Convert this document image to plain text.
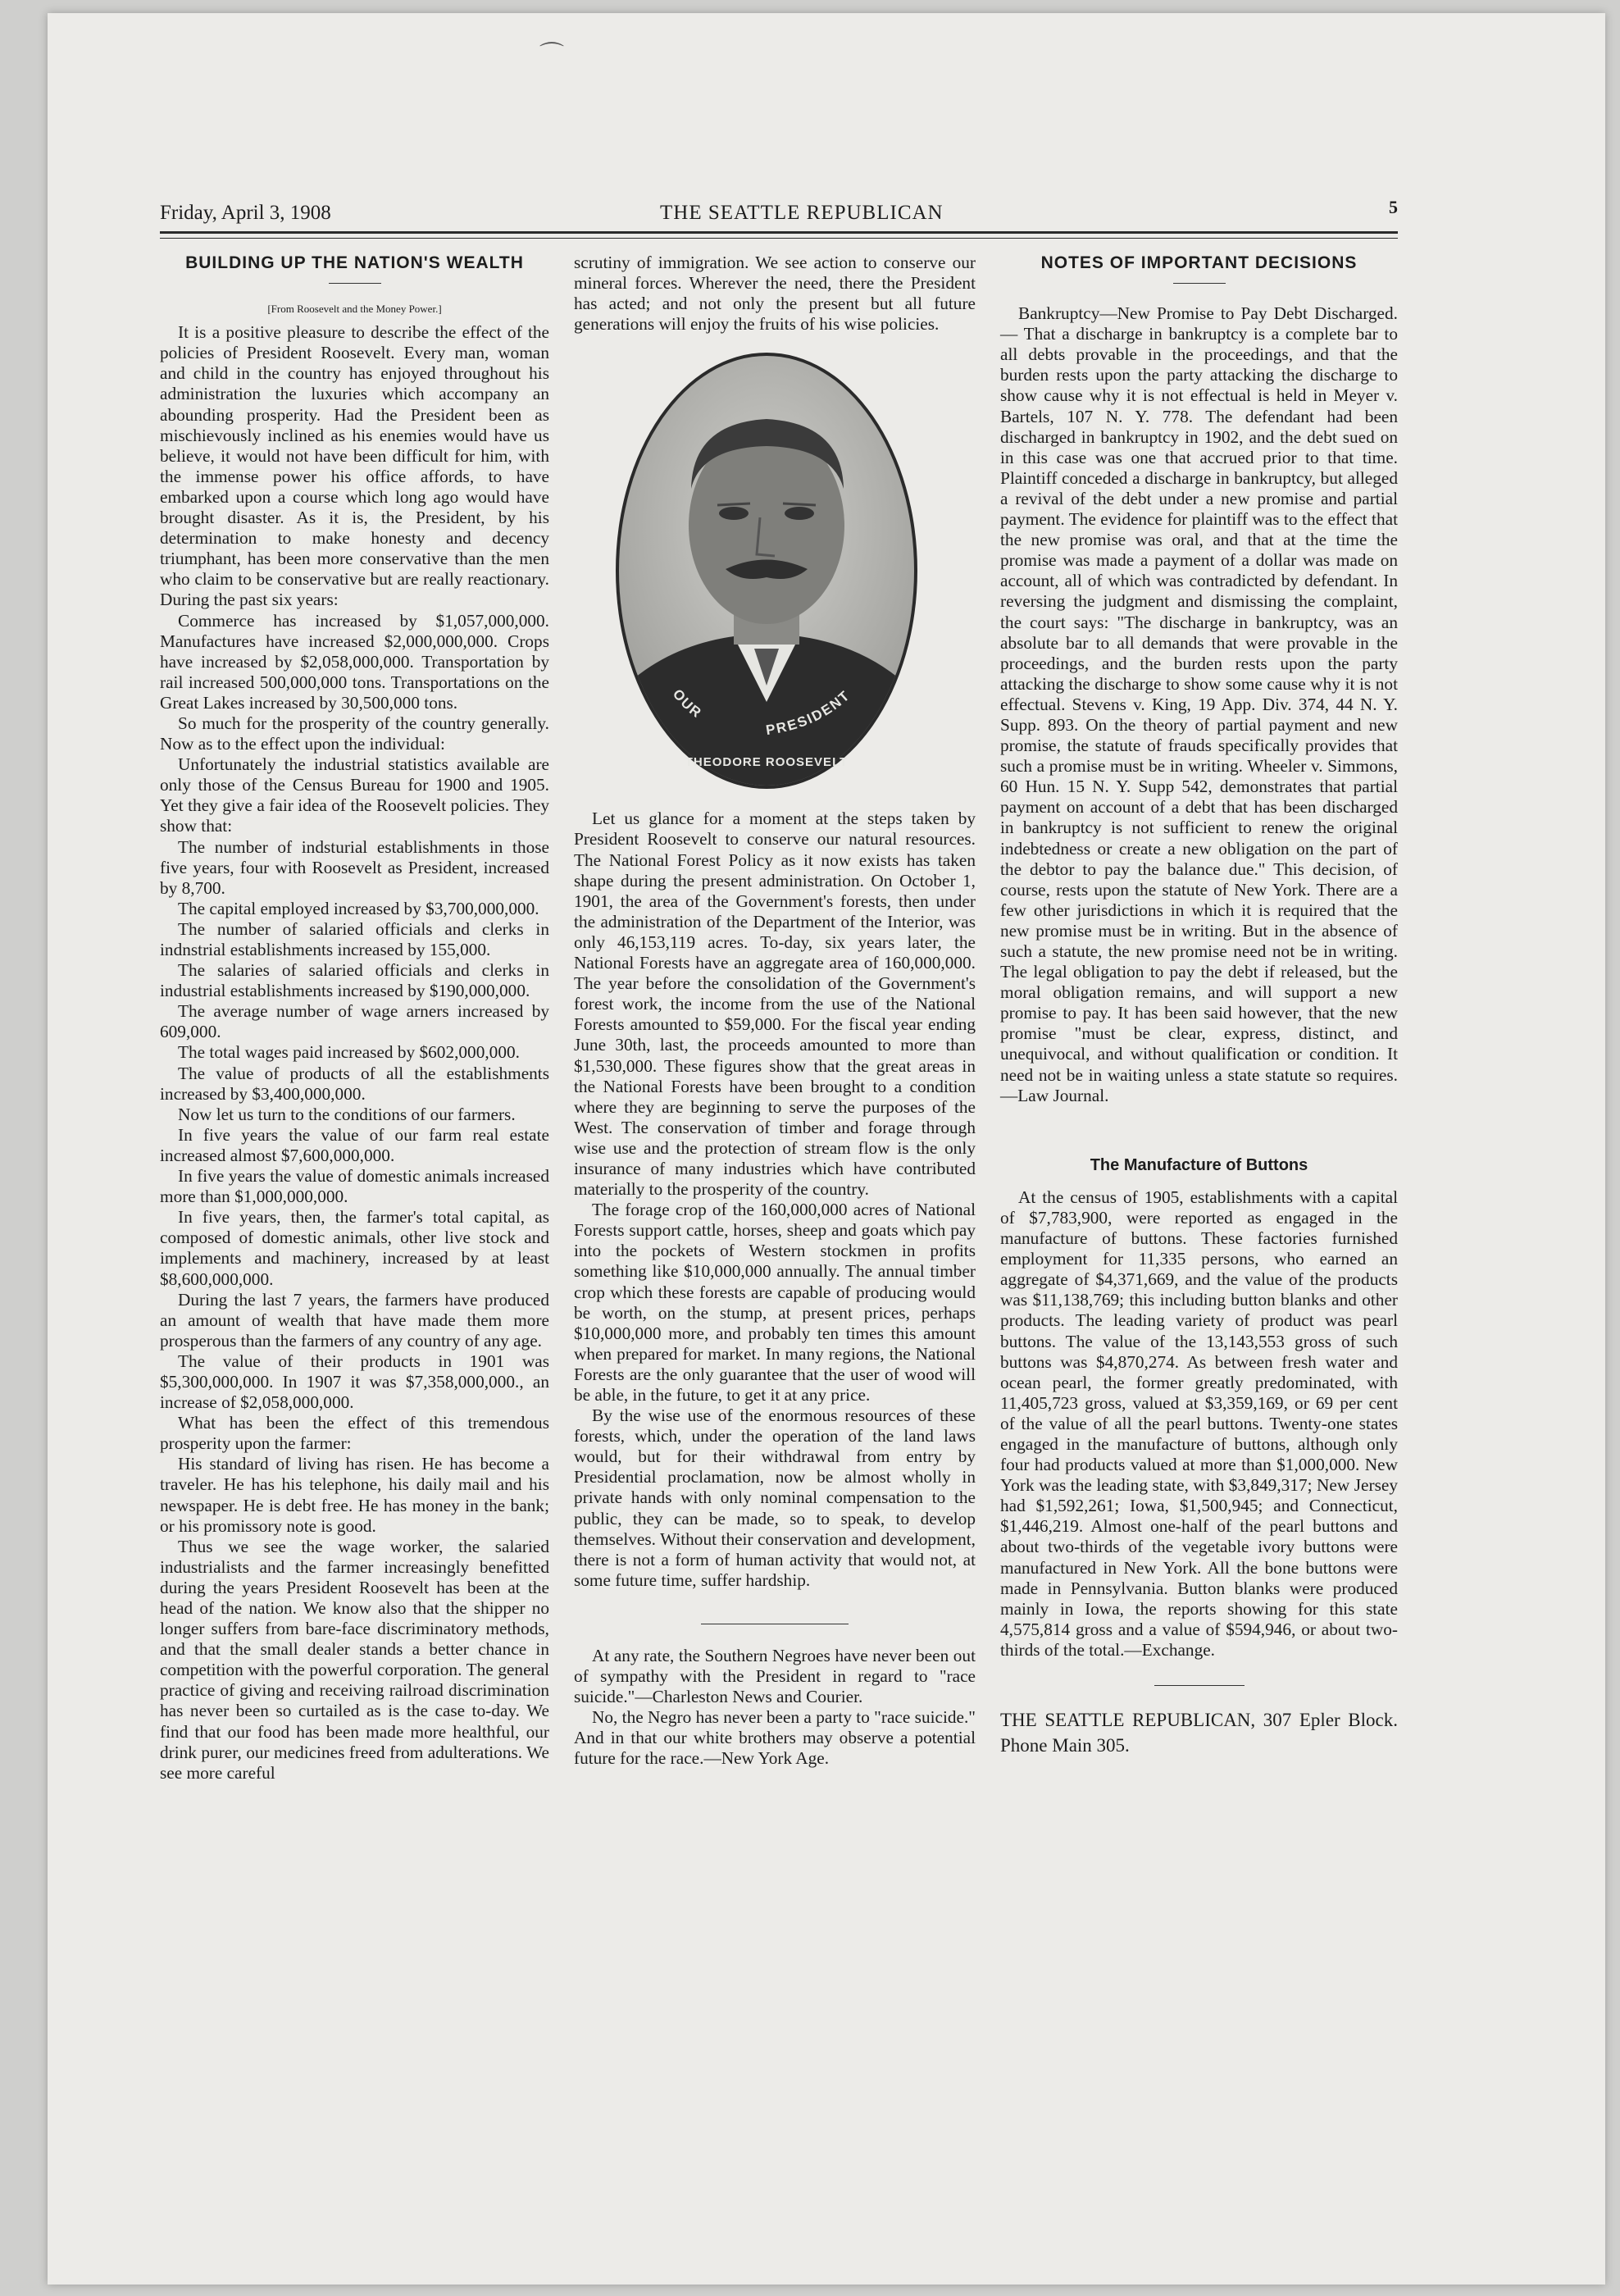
⌒
Friday, April 3, 1908	THE SEATTLE REPUBLICAN	5
BUILDING UP THE NATION'S WEALTH
[From Roosevelt and the Money Power.]

It is a positive pleasure to describe the effect of the policies of President Roosevelt. Every man, woman and child in the country has enjoyed throughout his administration the luxuries which accompany an abounding prosperity. Had the President been as mischievously inclined as his enemies would have us believe, it would not have been difficult for him, with the immense power his office affords, to have embarked upon a course which long ago would have brought disaster. As it is, the President, by his determination to make honesty and decency triumphant, has been more conservative than the men who claim to be conservative but are really reactionary. During the past six years:

Commerce has increased by $1,057,000,000. Manufactures have increased $2,000,000,000. Crops have increased by $2,058,000,000. Transportation by rail increased 500,000,000 tons. Transportations on the Great Lakes increased by 30,500,000 tons.

So much for the prosperity of the country generally. Now as to the effect upon the individual:

Unfortunately the industrial statistics available are only those of the Census Bureau for 1900 and 1905. Yet they give a fair idea of the Roosevelt policies. They show that:

The number of indsturial establishments in those five years, four with Roosevelt as President, increased by 8,700.

The capital employed increased by $3,700,000,000.

The number of salaried officials and clerks in indnstrial establishments increased by 155,000.

The salaries of salaried officials and clerks in industrial establishments increased by $190,000,000.

The average number of wage arners increased by 609,000.

The total wages paid increased by $602,000,000.

The value of products of all the establishments increased by $3,400,000,000.

Now let us turn to the conditions of our farmers.

In five years the value of our farm real estate increased almost $7,600,000,000.

In five years the value of domestic animals increased more than $1,000,000,000.

In five years, then, the farmer's total capital, as composed of domestic animals, other live stock and implements and machinery, increased by at least $8,600,000,000.

During the last 7 years, the farmers have produced an amount of wealth that have made them more prosperous than the farmers of any country of any age.

The value of their products in 1901 was $5,300,000,000. In 1907 it was $7,358,000,000., an increase of $2,058,000,000.

What has been the effect of this tremendous prosperity upon the farmer:

His standard of living has risen. He has become a traveler. He has his telephone, his daily mail and his newspaper. He is debt free. He has money in the bank; or his promissory note is good.

Thus we see the wage worker, the salaried industrialists and the farmer increasingly benefitted during the years President Roosevelt has been at the head of the nation. We know also that the shipper no longer suffers from bare-face discriminatory methods, and that the small dealer stands a better chance in competition with the powerful corporation. The general practice of giving and receiving railroad discrimination has never been so curtailed as is the case to-day. We find that our food has been made more healthful, our drink purer, our medicines freed from adulterations. We see more careful

scrutiny of immigration. We see action to conserve our mineral forces. Wherever the need, there the President has acted; and not only the present but all future generations will enjoy the fruits of his wise policies.

OUR
PRESIDENT
THEODORE ROOSEVELT

Let us glance for a moment at the steps taken by President Roosevelt to conserve our natural resources. The National Forest Policy as it now exists has taken shape during the present administration. On October 1, 1901, the area of the Government's forests, then under the administration of the Department of the Interior, was only 46,153,119 acres. To-day, six years later, the National Forests have an aggregate area of 160,000,000. The year before the consolidation of the Government's forest work, the income from the use of the National Forests amounted to $59,000. For the fiscal year ending June 30th, last, the proceeds amounted to more than $1,530,000. These figures show that the great areas in the National Forests have been brought to a condition where they are beginning to serve the purposes of the West. The conservation of timber and forage through wise use and the protection of stream flow is the only insurance of many industries which have contributed materially to the prosperity of the country.

The forage crop of the 160,000,000 acres of National Forests support cattle, horses, sheep and goats which pay into the pockets of Western stockmen in profits something like $10,000,000 annually. The annual timber crop which these forests are capable of producing would be worth, on the stump, at present prices, perhaps $10,000,000 more, and probably ten times this amount when prepared for market. In many regions, the National Forests are the only guarantee that the user of wood will be able, in the future, to get it at any price.

By the wise use of the enormous resources of these forests, which, under the operation of the land laws would, but for their withdrawal from entry by Presidential proclamation, now be almost wholly in private hands with only nominal compensation to the public, they can be made, so to speak, to develop themselves. Without their conservation and development, there is not a form of human activity that would not, at some future time, suffer hardship.

At any rate, the Southern Negroes have never been out of sympathy with the President in regard to "race suicide."—Charleston News and Courier.

No, the Negro has never been a party to "race suicide." And in that our white brothers may observe a potential future for the race.—New York Age.

NOTES OF IMPORTANT DECISIONS

Bankruptcy—New Promise to Pay Debt Discharged. — That a discharge in bankruptcy is a complete bar to all debts provable in the proceedings, and that the burden rests upon the party attacking the discharge to show cause why it is not effectual is held in Meyer v. Bartels, 107 N. Y. 778. The defendant had been discharged in bankruptcy in 1902, and the debt sued on in this case was one that accrued prior to that time. Plaintiff conceded a discharge in bankruptcy, but alleged a revival of the debt under a new promise and partial payment. The evidence for plaintiff was to the effect that the new promise was oral, and that at the time the promise was made a payment of a dollar was made on account, all of which was contradicted by defendant. In reversing the judgment and dismissing the complaint, the court says: "The discharge in bankruptcy, was an absolute bar to all demands that were provable in the proceedings, and the burden rests upon the party attacking the discharge to show some cause why it is not effectual. Stevens v. King, 19 App. Div. 374, 44 N. Y. Supp. 893. On the theory of partial payment and new promise, the statute of frauds specifically provides that such a promise must be in writing. Wheeler v. Simmons, 60 Hun. 15 N. Y. Supp 542, demonstrates that partial payment on account of a debt that has been discharged in bankruptcy is not sufficient to renew the original indebtedness or create a new obligation on the part of the debtor to pay the balance due." This decision, of course, rests upon the statute of New York. There are a few other jurisdictions in which it is required that the new promise must be in writing. But in the absence of such a statute, the new promise need not be in writing. The legal obligation to pay the debt if released, but the moral obligation remains, and will support a new promise to pay. It has been said however, that the new promise "must be clear, express, distinct, and unequivocal, and without qualification or condition. It need not be in waiting unless a state statute so requires. —Law Journal.

The Manufacture of Buttons

At the census of 1905, establishments with a capital of $7,783,900, were reported as engaged in the manufacture of buttons. These factories furnished employment for 11,335 persons, who earned an aggregate of $4,371,669, and the value of the products was $11,138,769; this including button blanks and other products. The leading variety of product was pearl buttons. The value of the 13,143,553 gross of such buttons was $4,870,274. As between fresh water and ocean pearl, the former greatly predominated, with 11,405,723 gross, valued at $3,359,169, or 69 per cent of the value of all the pearl buttons. Twenty-one states engaged in the manufacture of buttons, although only four had products valued at more than $1,000,000. New York was the leading state, with $3,849,317; New Jersey had $1,592,261; Iowa, $1,500,945; and Connecticut, $1,446,219. Almost one-half of the pearl buttons and about two-thirds of the vegetable ivory buttons were manufactured in New York. All the bone buttons were made in Pennsylvania. Button blanks were produced mainly in Iowa, the reports showing for this state 4,575,814 gross and a value of $594,946, or about two-thirds of the total.—Exchange.

THE SEATTLE REPUBLICAN, 307 Epler Block. Phone Main 305.
